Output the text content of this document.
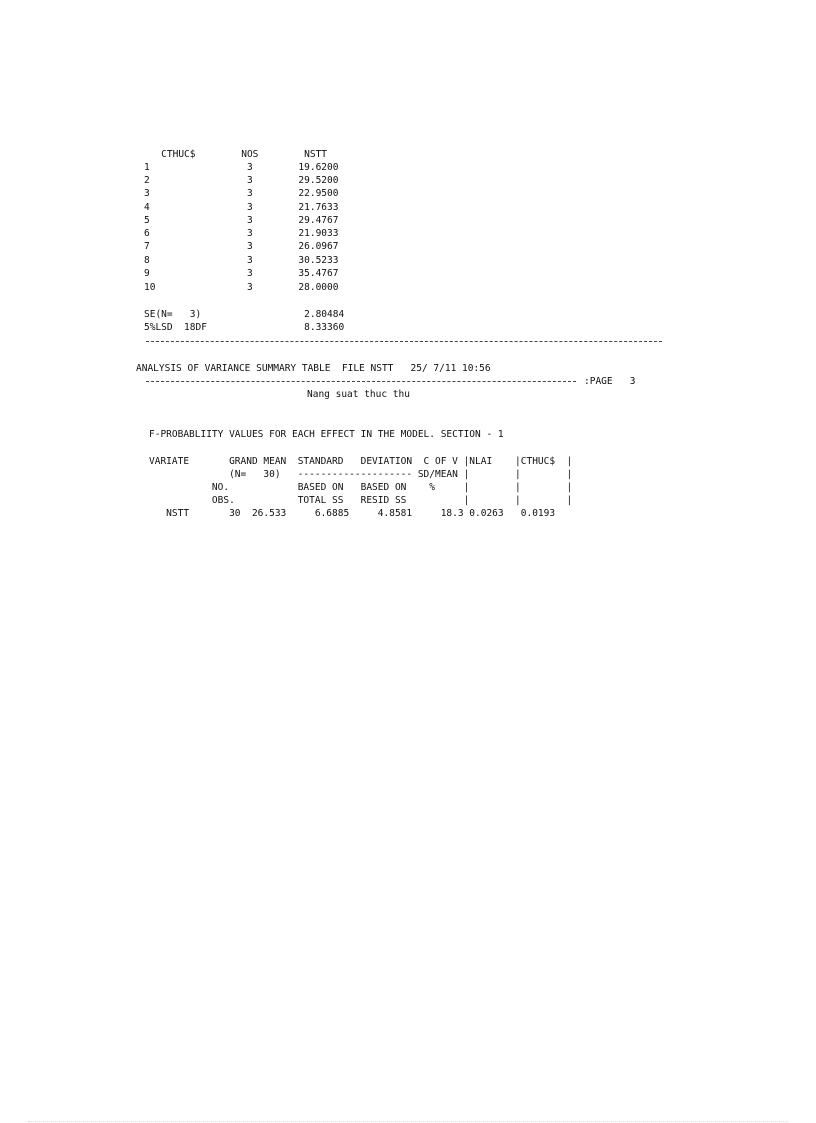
CTHUC$        NOS        NSTT
1                 3        19.6200
2                 3        29.5200
3                 3        22.9500
4                 3        21.7633
5                 3        29.4767
6                 3        21.9033
7                 3        26.0967
8                 3        30.5233
9                 3        35.4767
10                3        28.0000
SE(N=   3)                  2.80484
5%LSD  18DF                 8.33360
ANALYSIS OF VARIANCE SUMMARY TABLE  FILE NSTT   25/ 7/11 10:56
:PAGE   3
Nang suat thuc thu
F-PROBABLIITY VALUES FOR EACH EFFECT IN THE MODEL. SECTION - 1
VARIATE       GRAND MEAN  STANDARD   DEVIATION  C OF V |NLAI    |CTHUC$  |
(N=   30)   -------------------- SD/MEAN |        |        |
NO.            BASED ON   BASED ON    %     |        |        |
OBS.           TOTAL SS   RESID SS          |        |        |
NSTT       30  26.533     6.6885     4.8581     18.3 0.0263   0.0193
